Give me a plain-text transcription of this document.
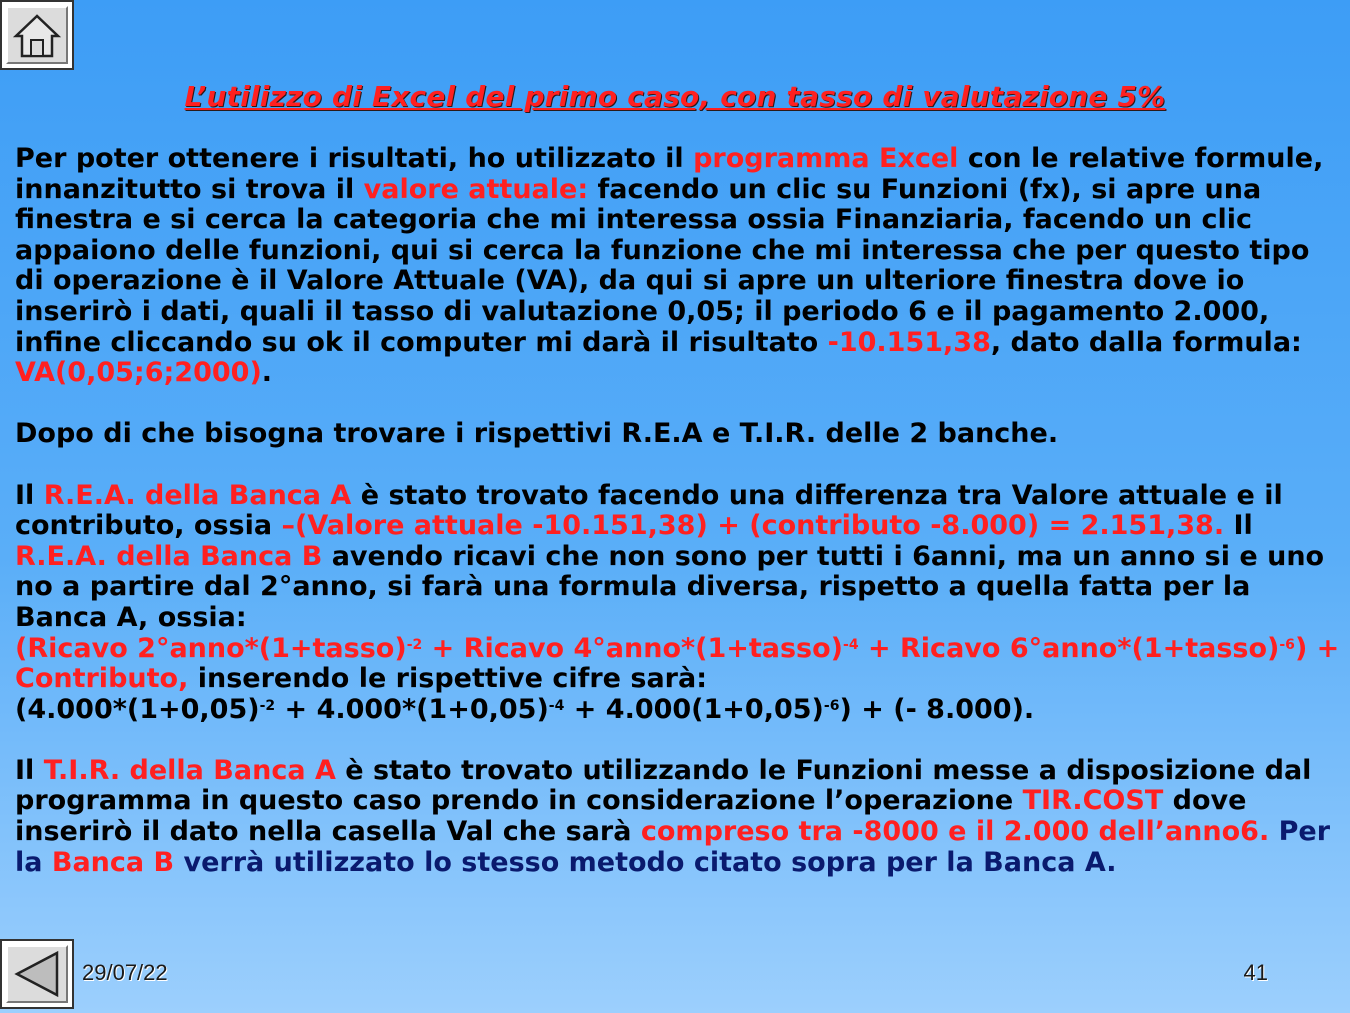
L’utilizzo di Excel del primo caso, con tasso di valutazione 5%

Per poter ottenere i risultati, ho utilizzato il programma Excel con le relative formule, innanzitutto si trova il valore attuale: facendo un clic su Funzioni (fx), si apre una finestra e si cerca la categoria che mi interessa ossia Finanziaria, facendo un clic appaiono delle funzioni, qui si cerca la funzione che mi interessa che per questo tipo di operazione è il Valore Attuale (VA), da qui si apre un ulteriore finestra dove io inserirò i dati, quali il tasso di valutazione 0,05; il periodo 6 e il pagamento 2.000, infine cliccando su ok il computer mi darà il risultato -10.151,38, dato dalla formula: VA(0,05;6;2000).

Dopo di che bisogna trovare i rispettivi R.E.A e T.I.R. delle 2 banche.

Il R.E.A. della Banca A è stato trovato facendo una differenza tra Valore attuale e il contributo, ossia –(Valore attuale -10.151,38) + (contributo -8.000) = 2.151,38. Il R.E.A. della Banca B avendo ricavi che non sono per tutti i 6anni, ma un anno si e uno no a partire dal 2°anno, si farà una formula diversa, rispetto a quella fatta per la Banca A, ossia:
(Ricavo 2°anno*(1+tasso)$^{-2}$ + Ricavo 4°anno*(1+tasso)$^{-4}$ + Ricavo 6°anno*(1+tasso)$^{-6}$) + Contributo, inserendo le rispettive cifre sarà:
$(4.000*(1+0,05)^{-2} + 4.000*(1+0,05)^{-4} + 4.000(1+0,05)^{-6})$ + (- 8.000).

Il T.I.R. della Banca A è stato trovato utilizzando le Funzioni messe a disposizione dal programma in questo caso prendo in considerazione l’operazione TIR.COST dove inserirò il dato nella casella Val che sarà compreso tra -8000 e il 2.000 dell’anno6. Per la Banca B verrà utilizzato lo stesso metodo citato sopra per la Banca A.

29/07/22	41
